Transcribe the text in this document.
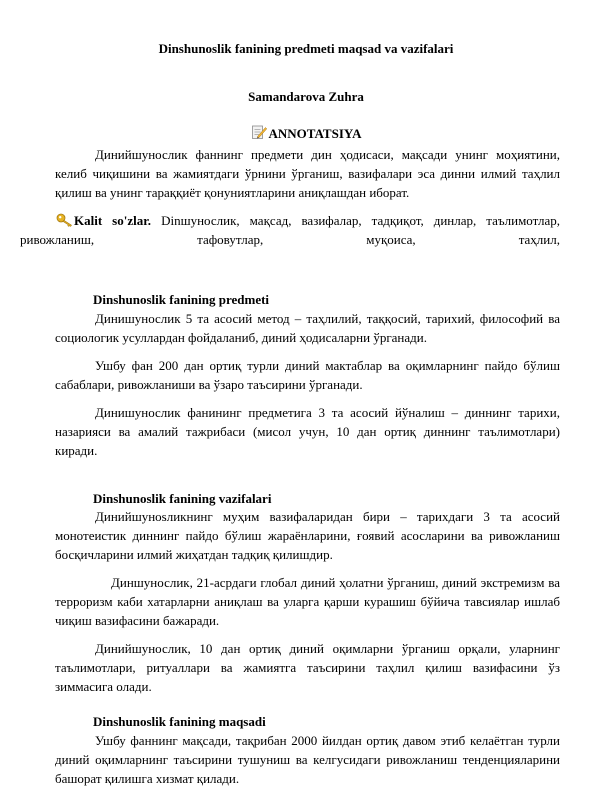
Dinshunoslik fanining predmeti maqsad va vazifalari
Samandarova Zuhra
ANNOTATSIYA

Динийшунослик фаннинг предмети дин ҳодисаси, мақсади унинг моҳиятини, келиб чиқишини ва жамиятдаги ўрнини ўрганиш, вазифалари эса динни илмий таҳлил қилиш ва унинг тараққиёт қонуниятларини аниқлашдан иборат.

Kalit so'zlar. Dinшунослик, мақсад, вазифалар, тадқиқот, динлар, таълимотлар, ривожланиш, тафовутлар, муқоиса, таҳлил,

Dinshunoslik fanining predmeti

Динишунослик 5 та асосий метод – таҳлилий, таққосий, тарихий, философий ва социологик усуллардан фойдаланиб, диний ҳодисаларни ўрганади.

Ушбу фан 200 дан ортиқ турли диний мактаблар ва оқимларнинг пайдо бўлиш сабаблари, ривожланиши ва ўзаро таъсирини ўрганади.

Динишунослик фанининг предметига 3 та асосий йўналиш – диннинг тарихи, назарияси ва амалий тажрибаси (мисол учун, 10 дан ортиқ диннинг таълимотлари) киради.

Dinshunoslik fanining vazifalari

Динийшунosликнинг муҳим вазифаларидан бири – тарихдаги 3 та асосий монотеистик диннинг пайдо бўлиш жараёнларини, ғоявий асосларини ва ривожланиш босқичларини илмий жиҳатдан тадқиқ қилишдир.

Диншунослик, 21-асрдаги глобал диний ҳолатни ўрганиш, диний экстремизм ва терроризм каби хатарларни аниқлаш ва уларга қарши курашиш бўйича тавсиялар ишлаб чиқиш вазифасини бажаради.

Динийшунослик, 10 дан ортиқ диний оқимларни ўрганиш орқали, уларнинг таълимотлари, ритуаллари ва жамиятга таъсирини таҳлил қилиш вазифасини ўз зиммасига олади.

Dinshunoslik fanining maqsadi

Ушбу фаннинг мақсади, тақрибан 2000 йилдан ортиқ давом этиб келаётган турли диний оқимларнинг таъсирини тушуниш ва келгусидаги ривожланиш тенденцияларини башорат қилишга хизмат қилади.
